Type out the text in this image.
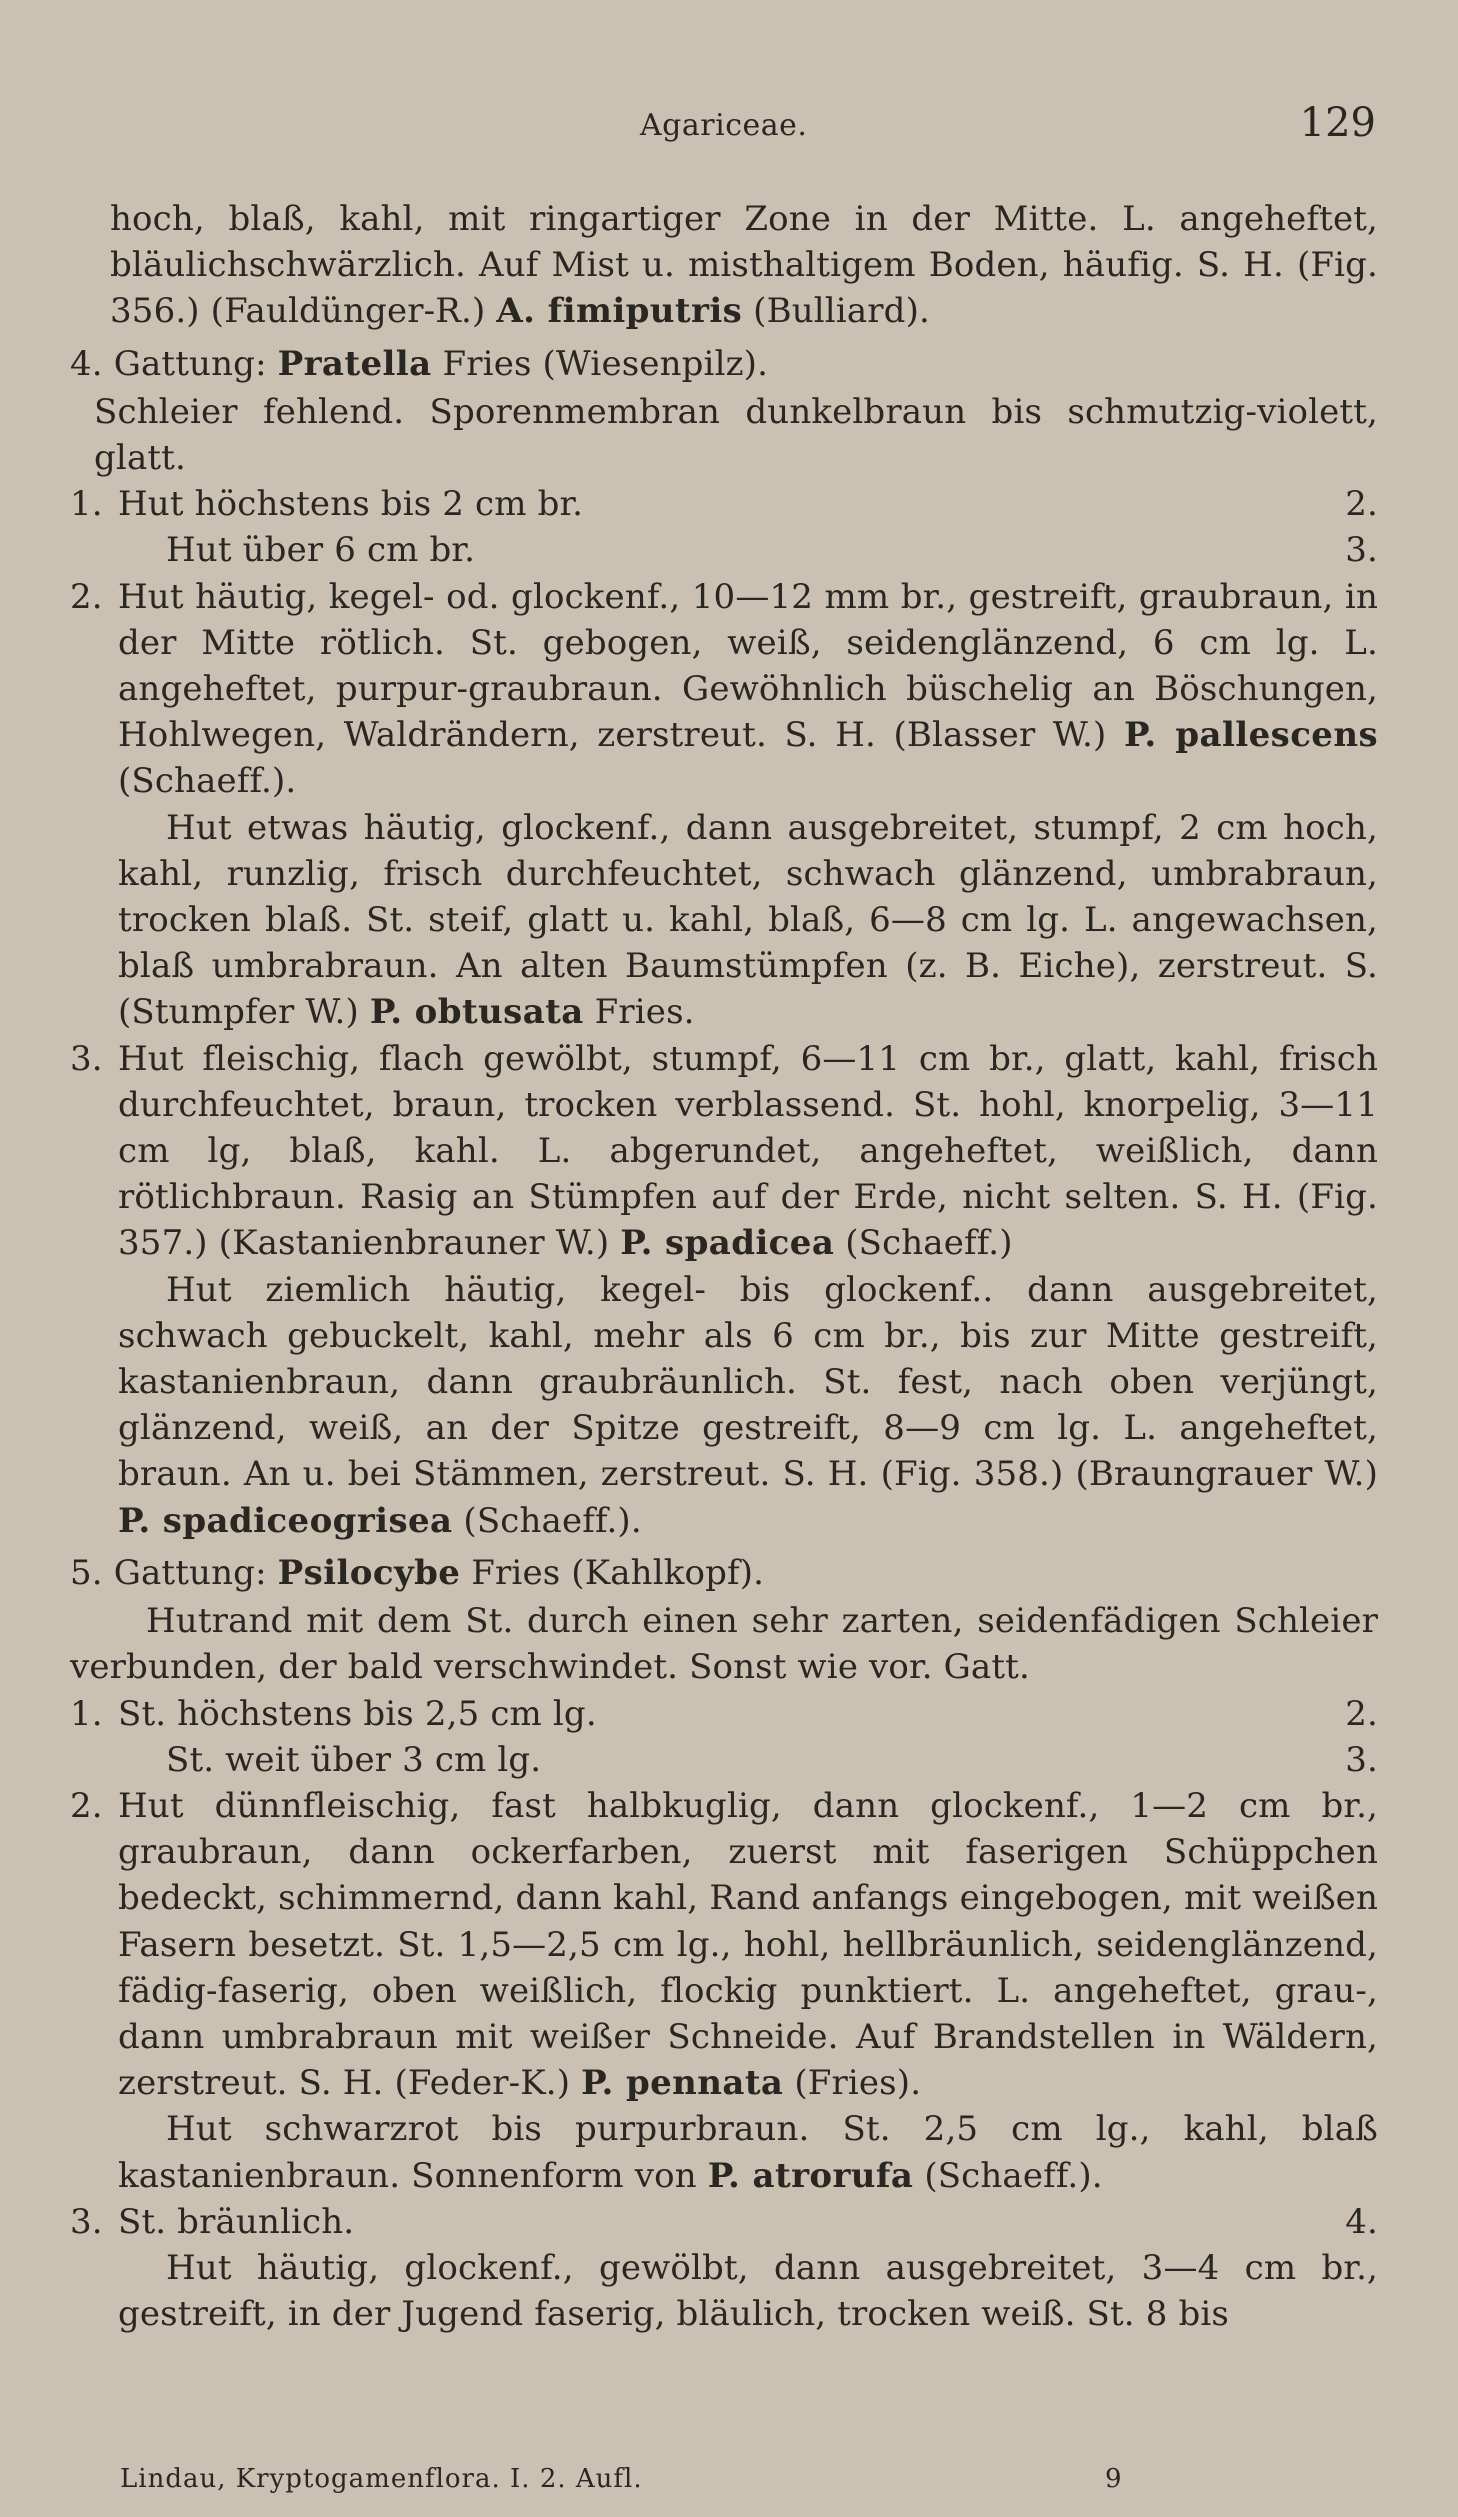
Agariceae.	129

hoch, blaß, kahl, mit ringartiger Zone in der Mitte. L. angeheftet, bläulichschwärzlich. Auf Mist u. misthaltigem Boden, häufig. S. H. (Fig. 356.) (Fauldünger-R.) A. fimiputris (Bulliard).

4. Gattung: Pratella Fries (Wiesenpilz).

Schleier fehlend. Sporenmembran dunkelbraun bis schmutzig-violett, glatt.

1. Hut höchstens bis 2 cm br.	2.
Hut über 6 cm br.	3.
2. Hut häutig, kegel- od. glockenf., 10—12 mm br., gestreift, graubraun, in der Mitte rötlich. St. gebogen, weiß, seidenglänzend, 6 cm lg. L. angeheftet, purpur-graubraun. Gewöhnlich büschelig an Böschungen, Hohlwegen, Waldrändern, zerstreut. S. H. (Blasser W.) P. pallescens (Schaeff.).
Hut etwas häutig, glockenf., dann ausgebreitet, stumpf, 2 cm hoch, kahl, runzlig, frisch durchfeuchtet, schwach glänzend, umbrabraun, trocken blaß. St. steif, glatt u. kahl, blaß, 6—8 cm lg. L. angewachsen, blaß umbrabraun. An alten Baumstümpfen (z. B. Eiche), zerstreut. S. (Stumpfer W.) P. obtusata Fries.
3. Hut fleischig, flach gewölbt, stumpf, 6—11 cm br., glatt, kahl, frisch durchfeuchtet, braun, trocken verblassend. St. hohl, knorpelig, 3—11 cm lg, blaß, kahl. L. abgerundet, angeheftet, weißlich, dann rötlichbraun. Rasig an Stümpfen auf der Erde, nicht selten. S. H. (Fig. 357.) (Kastanienbrauner W.) P. spadicea (Schaeff.)
Hut ziemlich häutig, kegel- bis glockenf.. dann ausgebreitet, schwach gebuckelt, kahl, mehr als 6 cm br., bis zur Mitte gestreift, kastanienbraun, dann graubräunlich. St. fest, nach oben verjüngt, glänzend, weiß, an der Spitze gestreift, 8—9 cm lg. L. angeheftet, braun. An u. bei Stämmen, zerstreut. S. H. (Fig. 358.) (Braungrauer W.) P. spadiceogrisea (Schaeff.).

5. Gattung: Psilocybe Fries (Kahlkopf).

Hutrand mit dem St. durch einen sehr zarten, seidenfädigen Schleier verbunden, der bald verschwindet. Sonst wie vor. Gatt.

1. St. höchstens bis 2,5 cm lg.	2.
St. weit über 3 cm lg.	3.
2. Hut dünnfleischig, fast halbkuglig, dann glockenf., 1—2 cm br., graubraun, dann ockerfarben, zuerst mit faserigen Schüppchen bedeckt, schimmernd, dann kahl, Rand anfangs eingebogen, mit weißen Fasern besetzt. St. 1,5—2,5 cm lg., hohl, hellbräunlich, seidenglänzend, fädig-faserig, oben weißlich, flockig punktiert. L. angeheftet, grau-, dann umbrabraun mit weißer Schneide. Auf Brandstellen in Wäldern, zerstreut. S. H. (Feder-K.) P. pennata (Fries).
Hut schwarzrot bis purpurbraun. St. 2,5 cm lg., kahl, blaß kastanienbraun. Sonnenform von P. atrorufa (Schaeff.).
3. St. bräunlich.	4.
Hut häutig, glockenf., gewölbt, dann ausgebreitet, 3—4 cm br., gestreift, in der Jugend faserig, bläulich, trocken weiß. St. 8 bis
Lindau, Kryptogamenflora. I. 2. Aufl.	9
